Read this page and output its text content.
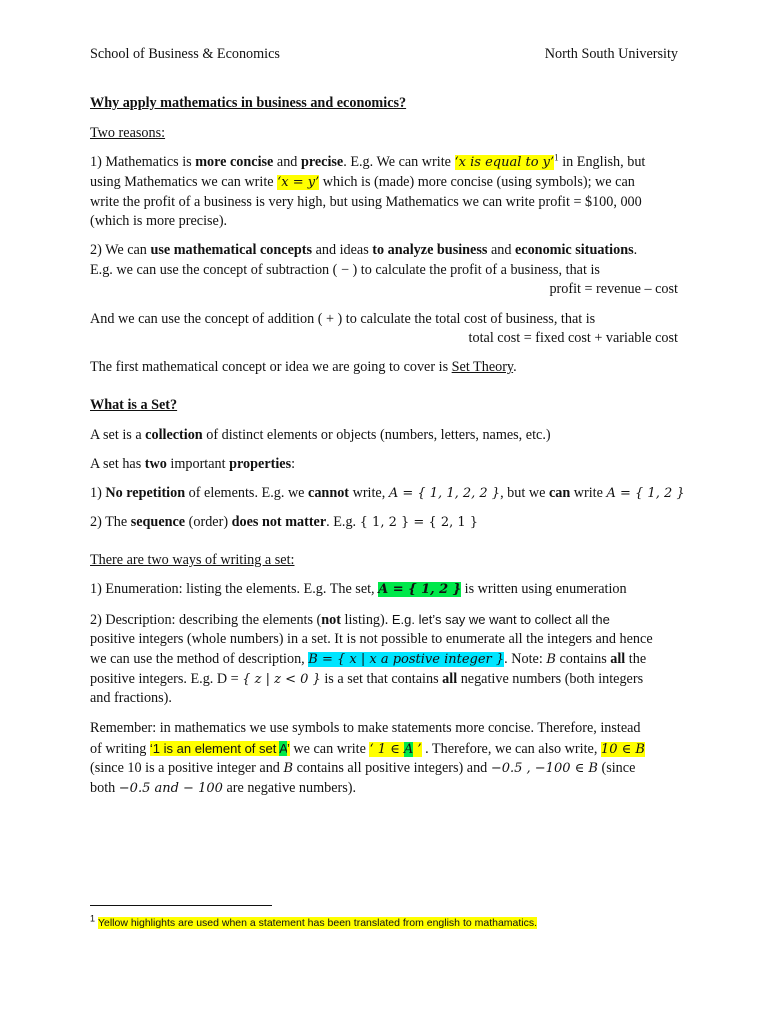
School of Business & Economics	North South University
Why apply mathematics in business and economics?
Two reasons:
1) Mathematics is more concise and precise. E.g. We can write ‘x is equal to y’$^1$ in English, but
using Mathematics we can write ‘x = y’ which is (made) more concise (using symbols); we can
write the profit of a business is very high, but using Mathematics we can write profit = $100, 000
(which is more precise).
2) We can use mathematical concepts and ideas to analyze business and economic situations.
E.g. we can use the concept of subtraction ( − ) to calculate the profit of a business, that is
profit = revenue – cost
And we can use the concept of addition ( + ) to calculate the total cost of business, that is
total cost = fixed cost + variable cost
The first mathematical concept or idea we are going to cover is Set Theory.
What is a Set?
A set is a collection of distinct elements or objects (numbers, letters, names, etc.)
A set has two important properties:
1) No repetition of elements. E.g. we cannot write, A = { 1, 1, 2, 2 }, but we can write A = { 1, 2 }
2) The sequence (order) does not matter. E.g. { 1, 2 } = { 2, 1 }
There are two ways of writing a set:
1) Enumeration: listing the elements. E.g. The set, A = { 1, 2 } is written using enumeration
2) Description: describing the elements (not listing). E.g. let’s say we want to collect all the
positive integers (whole numbers) in a set. It is not possible to enumerate all the integers and hence
we can use the method of description, B = { x | x a postive integer }. Note: B contains all the
positive integers. E.g. D = { z | z < 0 } is a set that contains all negative numbers (both integers
and fractions).
Remember: in mathematics we use symbols to make statements more concise. Therefore, instead
of writing ‘1 is an element of set A’ we can write ‘ 1 ∈ A ’ . Therefore, we can also write, 10 ∈ B
(since 10 is a positive integer and B contains all positive integers) and −0.5 , −100 ∈ B (since
both −0.5 and − 100 are negative numbers).
$^1$ Yellow highlights are used when a statement has been translated from english to mathamatics.
